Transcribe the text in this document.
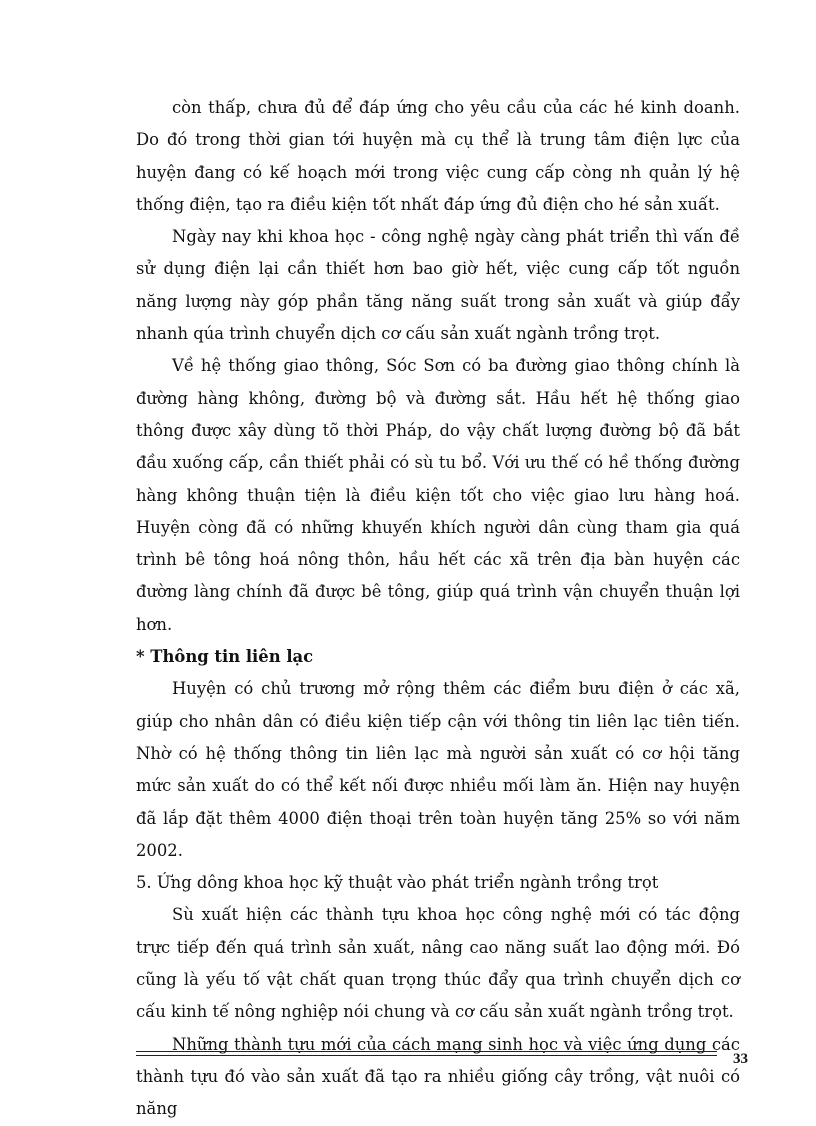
còn thấp, chưa đủ để đáp ứng cho yêu cầu của các hé kinh doanh. Do đó trong thời gian tới huyện mà cụ thể là trung tâm điện lực của huyện đang có kế hoạch mới trong việc cung cấp còng nh quản lý hệ thống điện, tạo ra điều kiện tốt nhất đáp ứng đủ điện cho hé sản xuất.

Ngày nay khi khoa học - công nghệ ngày càng phát triển thì vấn đề sử dụng điện lại cần thiết hơn bao giờ hết, việc cung cấp tốt nguồn năng lượng này góp phần tăng năng suất trong sản xuất và giúp đẩy nhanh qúa trình chuyển dịch cơ cấu sản xuất ngành trồng trọt.

Về hệ thống giao thông, Sóc Sơn có ba đường giao thông chính là đường hàng không, đường bộ và đường sắt. Hầu hết hệ thống giao thông được xây dùng tõ thời Pháp, do vậy chất lượng đường bộ đã bắt đầu xuống cấp, cần thiết phải có sù tu bổ. Với ưu thế có hề thống đường hàng không thuận tiện là điều kiện tốt cho việc giao lưu hàng hoá. Huyện còng đã có những khuyến khích người dân cùng tham gia quá trình bê tông hoá nông thôn, hầu hết các xã trên địa bàn huyện các đường làng chính đã được bê tông, giúp quá trình vận chuyển thuận lợi hơn.

* Thông tin liên lạc

Huyện có chủ trương mở rộng thêm các điểm bưu điện ở các xã, giúp cho nhân dân có điều kiện tiếp cận với thông tin liên lạc tiên tiến. Nhờ có hệ thống thông tin liên lạc mà người sản xuất có cơ hội tăng mức sản xuất do có thể kết nối được nhiều mối làm ăn. Hiện nay huyện đã lắp đặt thêm 4000 điện thoại trên toàn huyện tăng 25% so với năm 2002.

5. Ứng dông khoa học kỹ thuật vào phát triển ngành trồng trọt

Sù xuất hiện các thành tựu khoa học công nghệ mới có tác động trực tiếp đến quá trình sản xuất, nâng cao năng suất lao động mới. Đó cũng là yếu tố vật chất quan trọng thúc đẩy qua trình chuyển dịch cơ cấu kinh tế nông nghiệp nói chung và cơ cấu sản xuất ngành trồng trọt.

Những thành tựu mới của cách mạng sinh học và việc ứng dụng các thành tựu đó vào sản xuất đã tạo ra nhiều giống cây trồng, vật nuôi có năng

33
